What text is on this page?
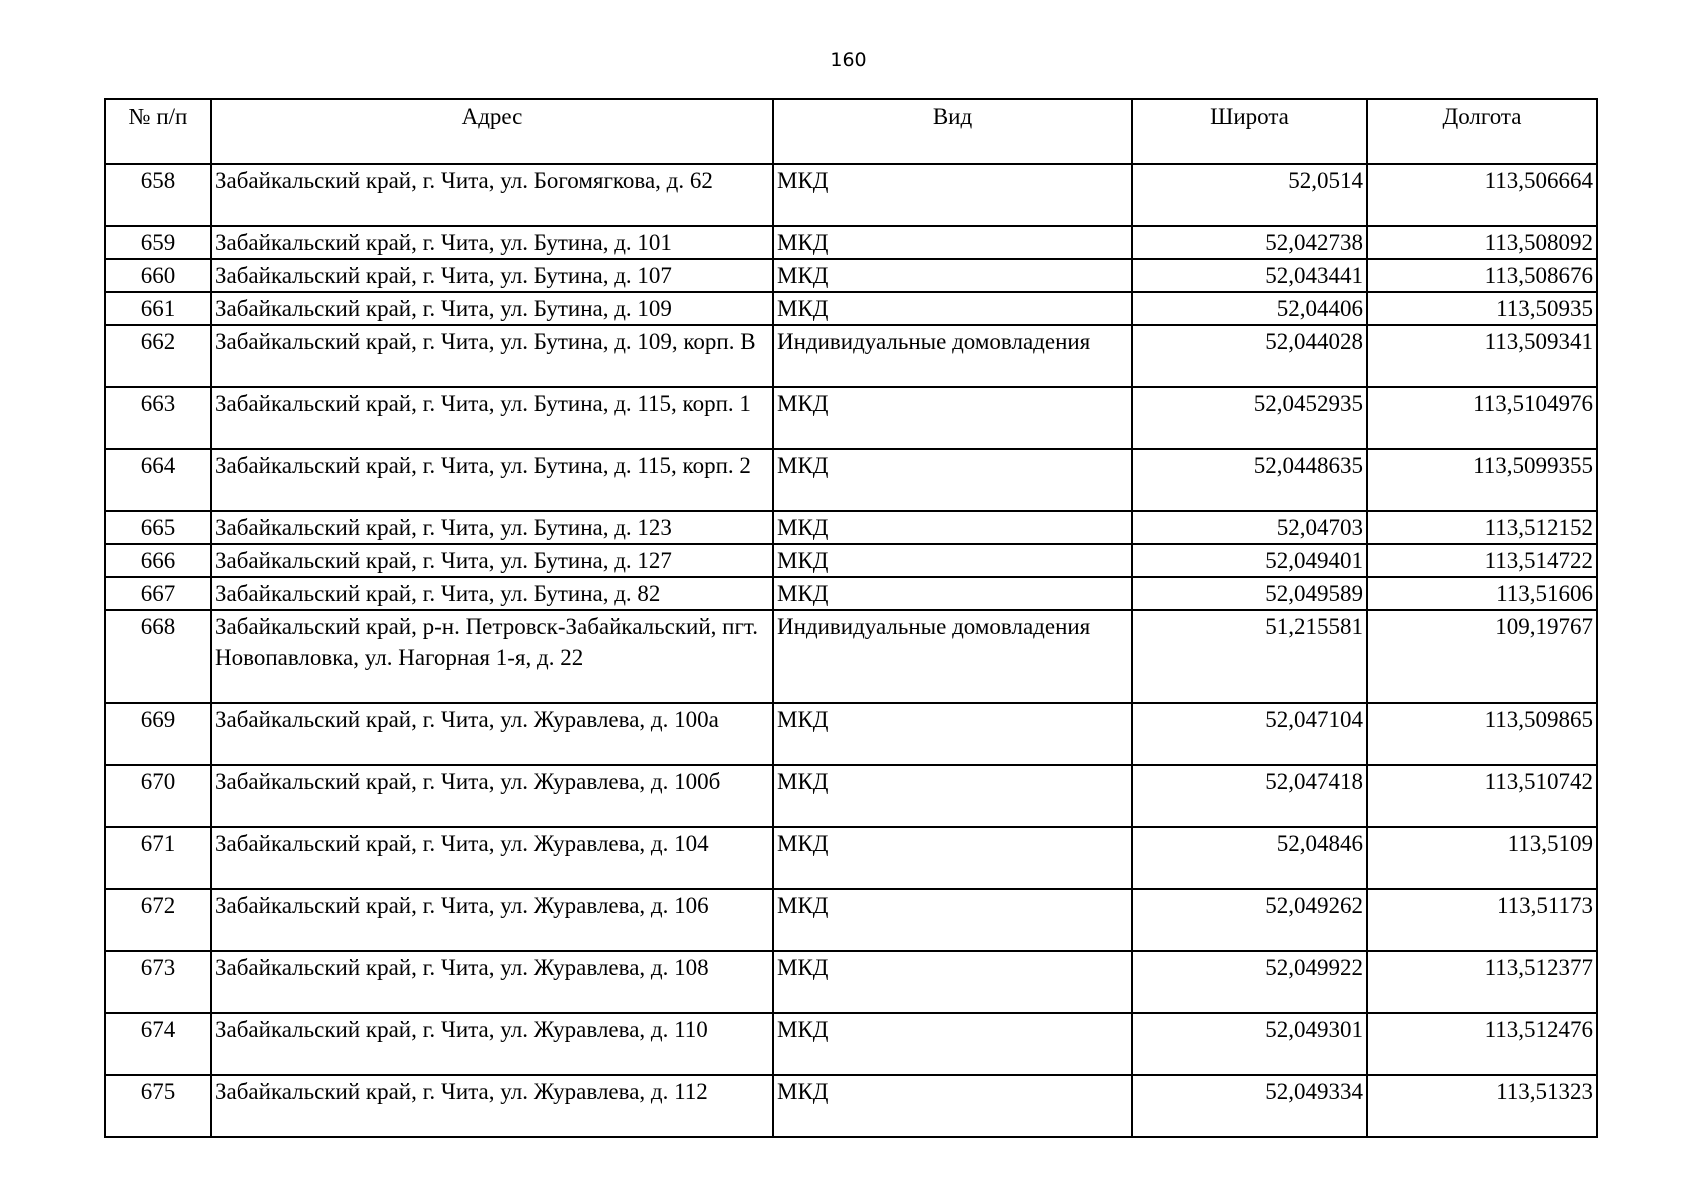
160
№ п/п	Адрес	Вид	Широта	Долгота
658	Забайкальский край, г. Чита, ул. Богомягкова, д. 62	МКД	52,0514	113,506664
659	Забайкальский край, г. Чита, ул. Бутина, д. 101	МКД	52,042738	113,508092
660	Забайкальский край, г. Чита, ул. Бутина, д. 107	МКД	52,043441	113,508676
661	Забайкальский край, г. Чита, ул. Бутина, д. 109	МКД	52,04406	113,50935
662	Забайкальский край, г. Чита, ул. Бутина, д. 109, корп. В	Индивидуальные домовладения	52,044028	113,509341
663	Забайкальский край, г. Чита, ул. Бутина, д. 115, корп. 1	МКД	52,0452935	113,5104976
664	Забайкальский край, г. Чита, ул. Бутина, д. 115, корп. 2	МКД	52,0448635	113,5099355
665	Забайкальский край, г. Чита, ул. Бутина, д. 123	МКД	52,04703	113,512152
666	Забайкальский край, г. Чита, ул. Бутина, д. 127	МКД	52,049401	113,514722
667	Забайкальский край, г. Чита, ул. Бутина, д. 82	МКД	52,049589	113,51606
668	Забайкальский край, р-н. Петровск-Забайкальский, пгт. Новопавловка, ул. Нагорная 1-я, д. 22	Индивидуальные домовладения	51,215581	109,19767
669	Забайкальский край, г. Чита, ул. Журавлева, д. 100а	МКД	52,047104	113,509865
670	Забайкальский край, г. Чита, ул. Журавлева, д. 100б	МКД	52,047418	113,510742
671	Забайкальский край, г. Чита, ул. Журавлева, д. 104	МКД	52,04846	113,5109
672	Забайкальский край, г. Чита, ул. Журавлева, д. 106	МКД	52,049262	113,51173
673	Забайкальский край, г. Чита, ул. Журавлева, д. 108	МКД	52,049922	113,512377
674	Забайкальский край, г. Чита, ул. Журавлева, д. 110	МКД	52,049301	113,512476
675	Забайкальский край, г. Чита, ул. Журавлева, д. 112	МКД	52,049334	113,51323
